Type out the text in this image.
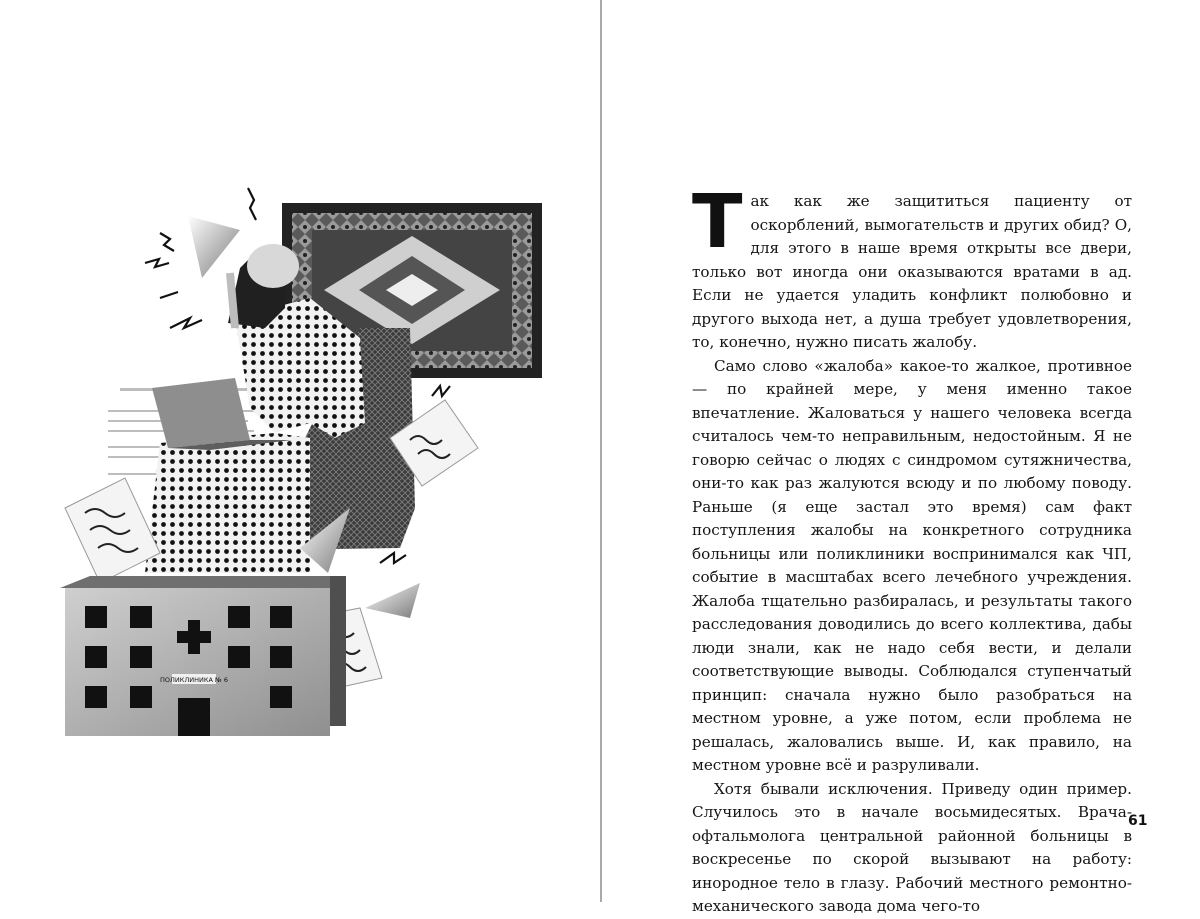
ПОЛИКЛИНИКА № 6

Так как же защититься пациенту от оскорблений, вымогательств и других обид? О, для этого в наше время открыты все двери, только вот иногда они оказываются вратами в ад. Если не удается уладить конфликт полюбовно и другого выхода нет, а душа требует удовлетворения, то, конечно, нужно писать жалобу.

Само слово «жалоба» какое-то жалкое, противное — по крайней мере, у меня именно такое впечатление. Жаловаться у нашего человека всегда считалось чем-то неправильным, недостойным. Я не говорю сейчас о людях с синдромом сутяжничества, они-то как раз жалуются всюду и по любому поводу. Раньше (я еще застал это время) сам факт поступления жалобы на конкретного сотрудника больницы или поликлиники воспринимался как ЧП, событие в масштабах всего лечебного учреждения. Жалоба тщательно разбиралась, и результаты такого расследования доводились до всего коллектива, дабы люди знали, как не надо себя вести, и делали соответствующие выводы. Соблюдался ступенчатый принцип: сначала нужно было разобраться на местном уровне, а уже потом, если проблема не решалась, жаловались выше. И, как правило, на местном уровне всё и разруливали.

Хотя бывали исключения. Приведу один пример. Случилось это в начале восьмидесятых. Врача-офтальмолога центральной районной больницы в воскресенье по скорой вызывают на работу: инородное тело в глазу. Рабочий местного ремонтно-механического завода дома чего-то

61
